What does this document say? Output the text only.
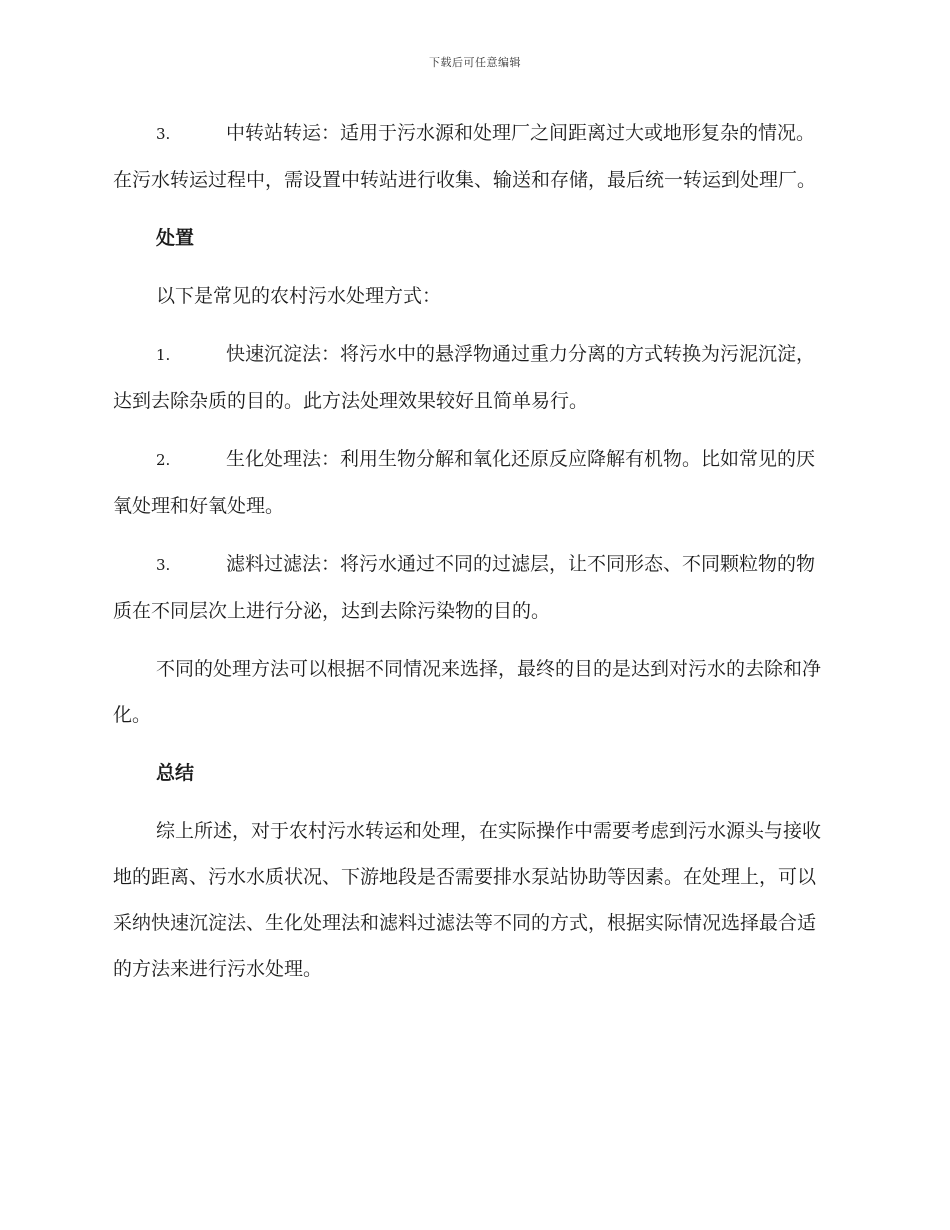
下载后可任意编辑

3.	中转站转运：适用于污水源和处理厂之间距离过大或地形复杂的情况。在污水转运过程中，需设置中转站进行收集、输送和存储，最后统一转运到处理厂。

处置

以下是常见的农村污水处理方式：

1.	快速沉淀法：将污水中的悬浮物通过重力分离的方式转换为污泥沉淀，达到去除杂质的目的。此方法处理效果较好且简单易行。

2.	生化处理法：利用生物分解和氧化还原反应降解有机物。比如常见的厌氧处理和好氧处理。

3.	滤料过滤法：将污水通过不同的过滤层，让不同形态、不同颗粒物的物质在不同层次上进行分泌，达到去除污染物的目的。

不同的处理方法可以根据不同情况来选择，最终的目的是达到对污水的去除和净化。

总结

综上所述，对于农村污水转运和处理，在实际操作中需要考虑到污水源头与接收地的距离、污水水质状况、下游地段是否需要排水泵站协助等因素。在处理上，可以采纳快速沉淀法、生化处理法和滤料过滤法等不同的方式，根据实际情况选择最合适的方法来进行污水处理。
